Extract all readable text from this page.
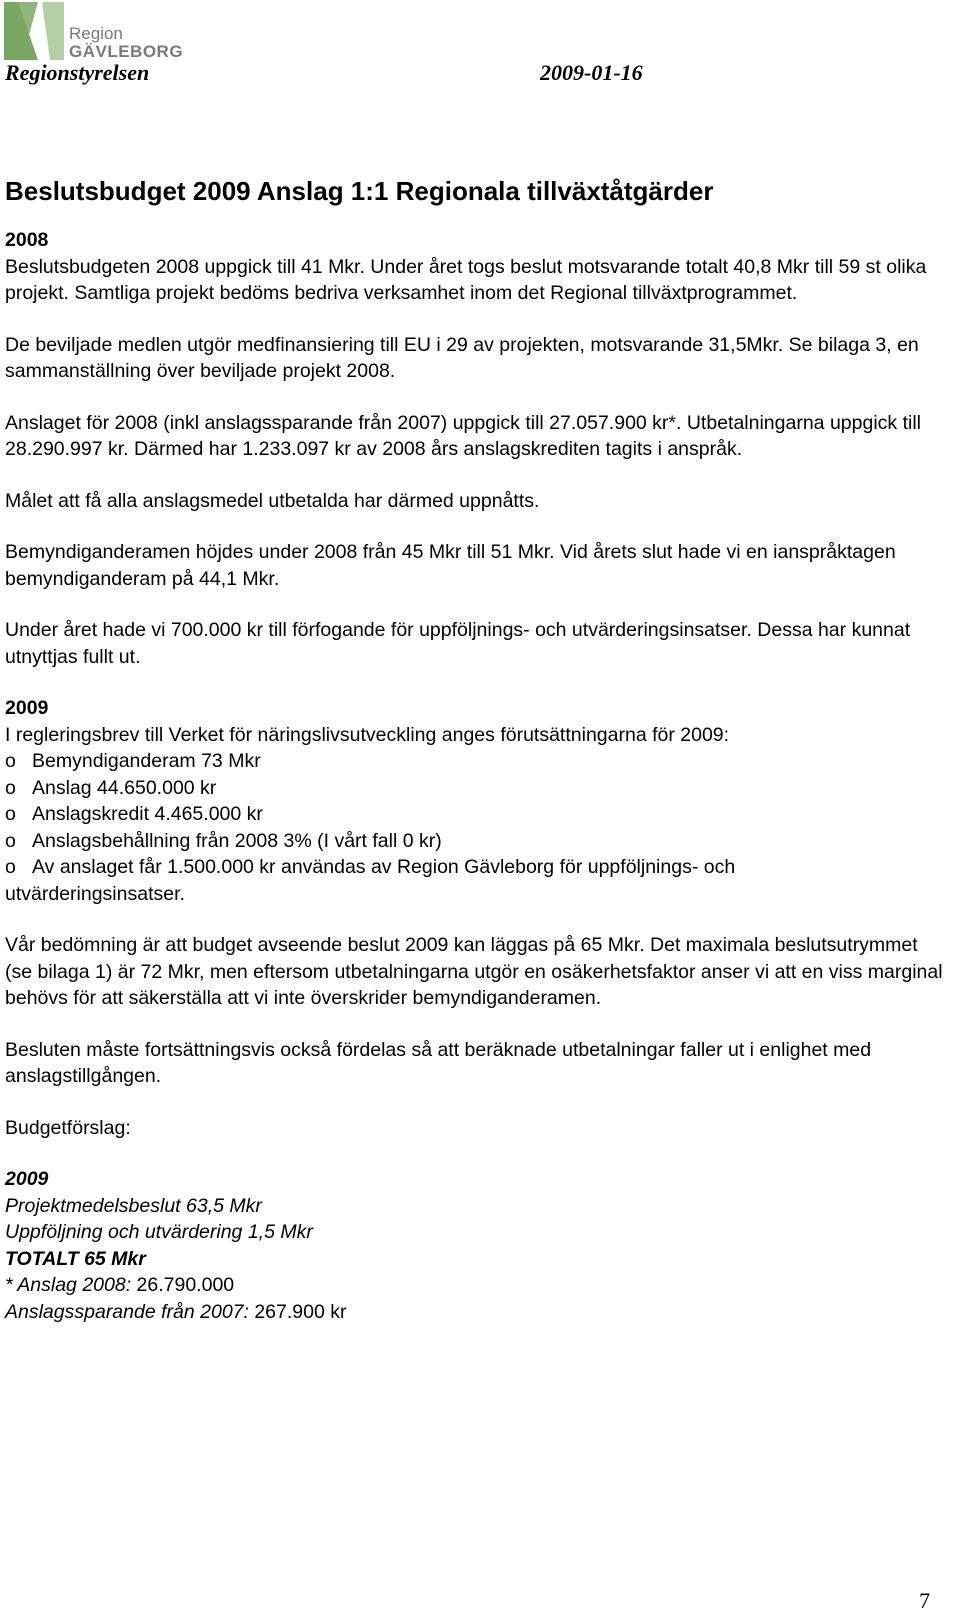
Region
GÄVLEBORG
Regionstyrelsen	2009-01-16
Beslutsbudget 2009 Anslag 1:1 Regionala tillväxtåtgärder
2008

Beslutsbudgeten 2008 uppgick till 41 Mkr. Under året togs beslut motsvarande totalt 40,8 Mkr till 59 st olika projekt. Samtliga projekt bedöms bedriva verksamhet inom det Regional tillväxtprogrammet.

De beviljade medlen utgör medfinansiering till EU i 29 av projekten, motsvarande 31,5Mkr. Se bilaga 3, en sammanställning över beviljade projekt 2008.

Anslaget för 2008 (inkl anslagssparande från 2007) uppgick till 27.057.900 kr*. Utbetalningarna uppgick till 28.290.997 kr. Därmed har 1.233.097 kr av 2008 års anslagskrediten tagits i anspråk.

Målet att få alla anslagsmedel utbetalda har därmed uppnåtts.

Bemyndiganderamen höjdes under 2008 från 45 Mkr till 51 Mkr. Vid årets slut hade vi en ianspråktagen bemyndiganderam på 44,1 Mkr.

Under året hade vi 700.000 kr till förfogande för uppföljnings- och utvärderingsinsatser. Dessa har kunnat utnyttjas fullt ut.

2009
I regleringsbrev till Verket för näringslivsutveckling anges förutsättningarna för 2009:
o Bemyndiganderam 73 Mkr
o Anslag 44.650.000 kr
o Anslagskredit 4.465.000 kr
o Anslagsbehållning från 2008 3% (I vårt fall 0 kr)
o Av anslaget får 1.500.000 kr användas av Region Gävleborg för uppföljnings- och
utvärderingsinsatser.

Vår bedömning är att budget avseende beslut 2009 kan läggas på 65 Mkr. Det maximala beslutsutrymmet (se bilaga 1) är 72 Mkr, men eftersom utbetalningarna utgör en osäkerhetsfaktor anser vi att en viss marginal behövs för att säkerställa att vi inte överskrider bemyndiganderamen.

Besluten måste fortsättningsvis också fördelas så att beräknade utbetalningar faller ut i enlighet med anslagstillgången.

Budgetförslag:

2009
Projektmedelsbeslut 63,5 Mkr
Uppföljning och utvärdering 1,5 Mkr
TOTALT 65 Mkr
* Anslag 2008: 26.790.000
Anslagssparande från 2007: 267.900 kr
7
